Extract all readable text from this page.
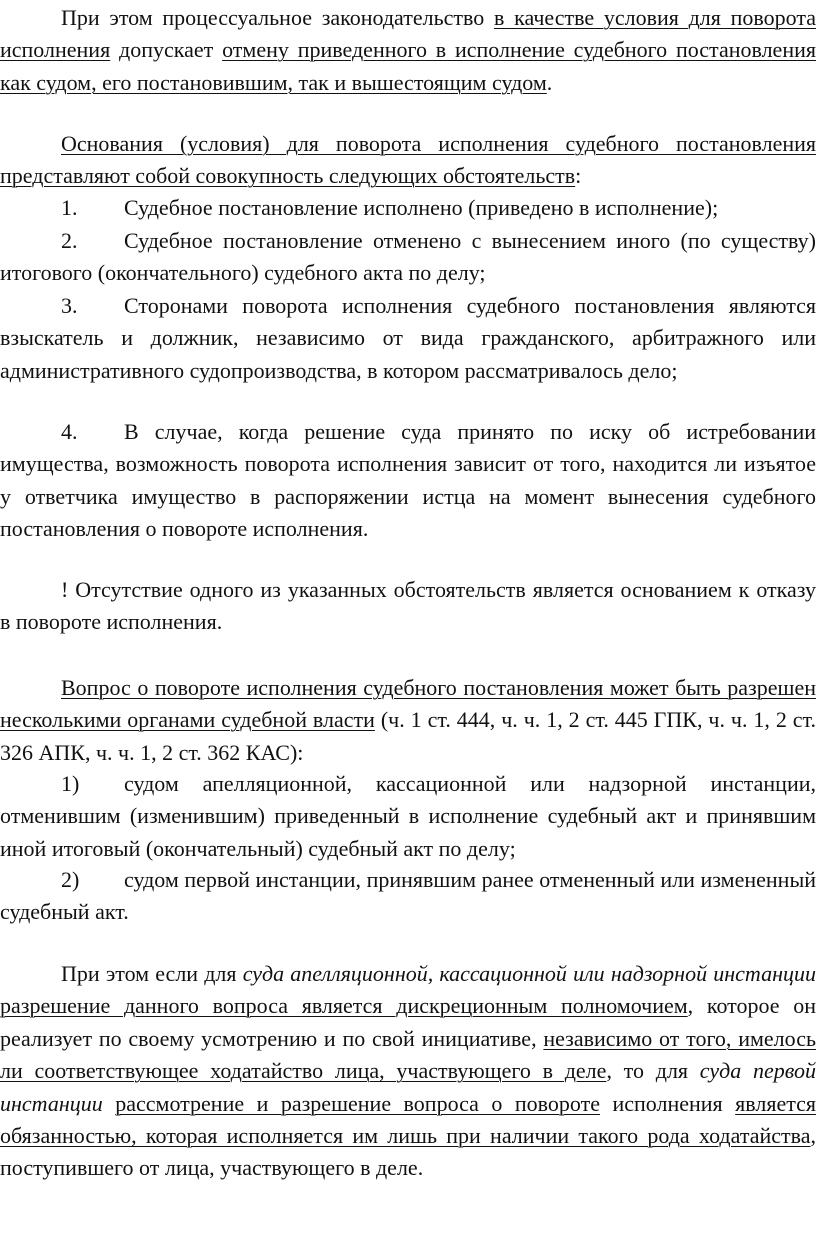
При этом процессуальное законодательство в качестве условия для поворота исполнения допускает отмену приведенного в исполнение судебного постановления как судом, его постановившим, так и вышестоящим судом.

Основания (условия) для поворота исполнения судебного постановления представляют собой совокупность следующих обстоятельств:

1.	Судебное постановление исполнено (приведено в исполнение);
2.	Судебное постановление отменено с вынесением иного (по существу) итогового (окончательного) судебного акта по делу;
3.	Сторонами поворота исполнения судебного постановления являются взыскатель и должник, независимо от вида гражданского, арбитражного или административного судопроизводства, в котором рассматривалось дело;
4.	В случае, когда решение суда принято по иску об истребовании имущества, возможность поворота исполнения зависит от того, находится ли изъятое у ответчика имущество в распоряжении истца на момент вынесения судебного постановления о повороте исполнения.

! Отсутствие одного из указанных обстоятельств является основанием к отказу в повороте исполнения.

Вопрос о повороте исполнения судебного постановления может быть разрешен несколькими органами судебной власти (ч. 1 ст. 444, ч. ч. 1, 2 ст. 445 ГПК, ч. ч. 1, 2 ст. 326 АПК, ч. ч. 1, 2 ст. 362 КАС):

1)	судом апелляционной, кассационной или надзорной инстанции, отменившим (изменившим) приведенный в исполнение судебный акт и принявшим иной итоговый (окончательный) судебный акт по делу;
2)	судом первой инстанции, принявшим ранее отмененный или измененный судебный акт.

При этом если для суда апелляционной, кассационной или надзорной инстанции разрешение данного вопроса является дискреционным полномочием, которое он реализует по своему усмотрению и по свой инициативе, независимо от того, имелось ли соответствующее ходатайство лица, участвующего в деле, то для суда первой инстанции рассмотрение и разрешение вопроса о повороте исполнения является обязанностью, которая исполняется им лишь при наличии такого рода ходатайства, поступившего от лица, участвующего в деле.
